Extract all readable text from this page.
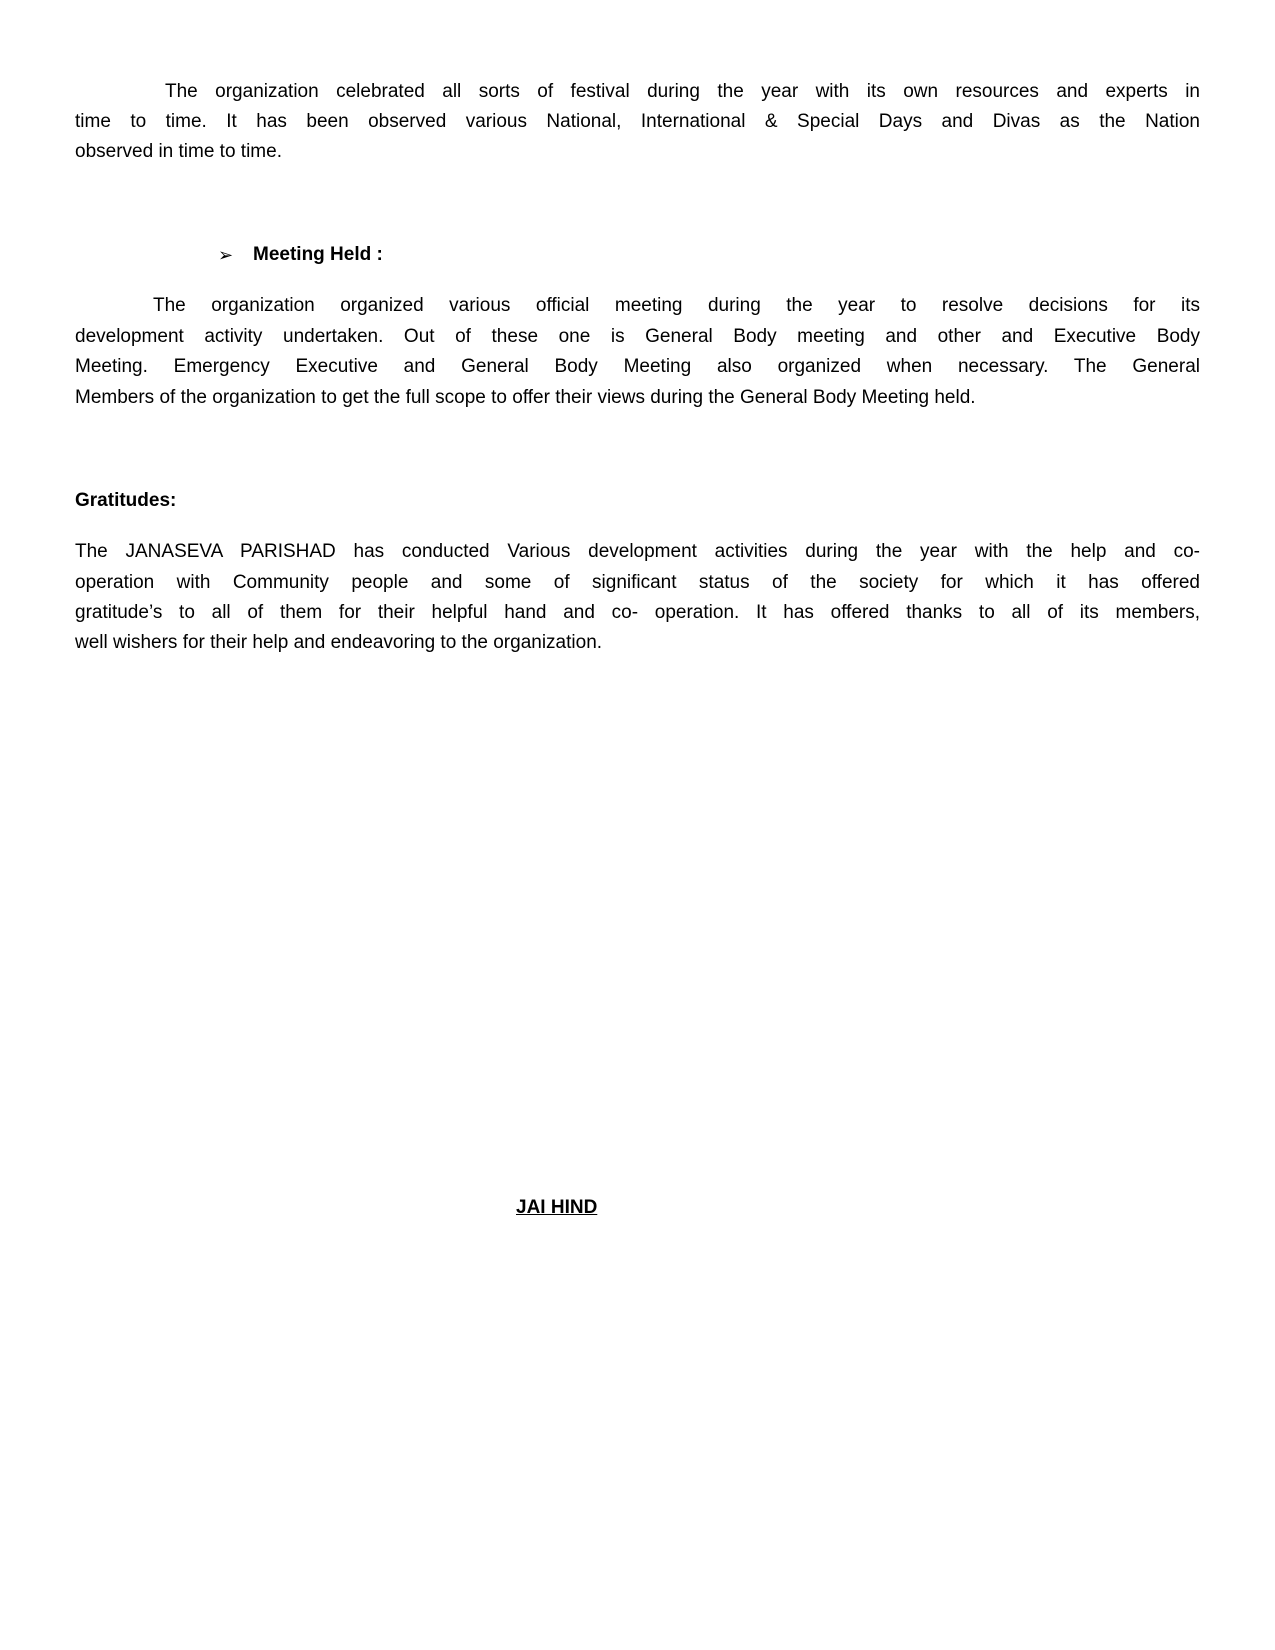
The organization celebrated all sorts of festival during the year with its own resources and experts in
time to time. It has been observed various National, International & Special Days and Divas as the Nation
observed in time to time.
➢ Meeting Held :
The organization organized various official meeting during the year to resolve decisions for its
development activity undertaken. Out of these one is General Body meeting and other and Executive Body
Meeting. Emergency Executive and General Body Meeting also organized when necessary. The General
Members of the organization to get the full scope to offer their views during the General Body Meeting held.
Gratitudes:
The JANASEVA PARISHAD has conducted Various development activities during the year with the help and co-
operation with Community people and some of significant status of the society for which it has offered
gratitude’s to all of them for their helpful hand and co- operation. It has offered thanks to all of its members,
well wishers for their help and endeavoring to the organization.
JAI HIND
